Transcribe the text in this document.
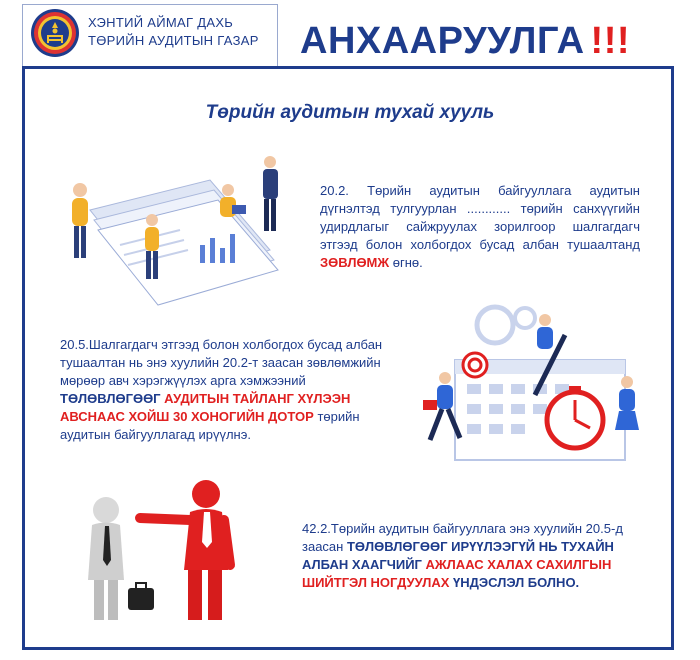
ХЭНТИЙ АЙМАГ ДАХЬ
ТӨРИЙН АУДИТЫН ГАЗАР АНХААРУУЛГА !!!
Төрийн аудитын тухай хууль
20.2. Төрийн аудитын байгууллага аудитын дүгнэлтэд тулгуурлан ............ төрийн санхүүгийн удирдлагыг сайжруулах зорилгоор шалгагдагч этгээд болон холбогдох бусад албан тушаалтанд ЗӨВЛӨМЖ өгнө.
20.5.Шалгагдагч этгээд болон холбогдох бусад албан тушаалтан нь энэ хуулийн 20.2-т заасан зөвлөмжийн мөрөөр авч хэрэгжүүлэх арга хэмжээний ТӨЛӨВЛӨГӨӨГ АУДИТЫН ТАЙЛАНГ ХҮЛЭЭН АВСНААС ХОЙШ 30 ХОНОГИЙН ДОТОР төрийн аудитын байгууллагад ирүүлнэ.
42.2.Төрийн аудитын байгууллага энэ хуулийн 20.5-д заасан ТӨЛӨВЛӨГӨӨГ ИРҮҮЛЭЭГҮЙ НЬ ТУХАЙН АЛБАН ХААГЧИЙГ АЖЛААС ХАЛАХ САХИЛГЫН ШИЙТГЭЛ НОГДУУЛАХ ҮНДЭСЛЭЛ БОЛНО.
